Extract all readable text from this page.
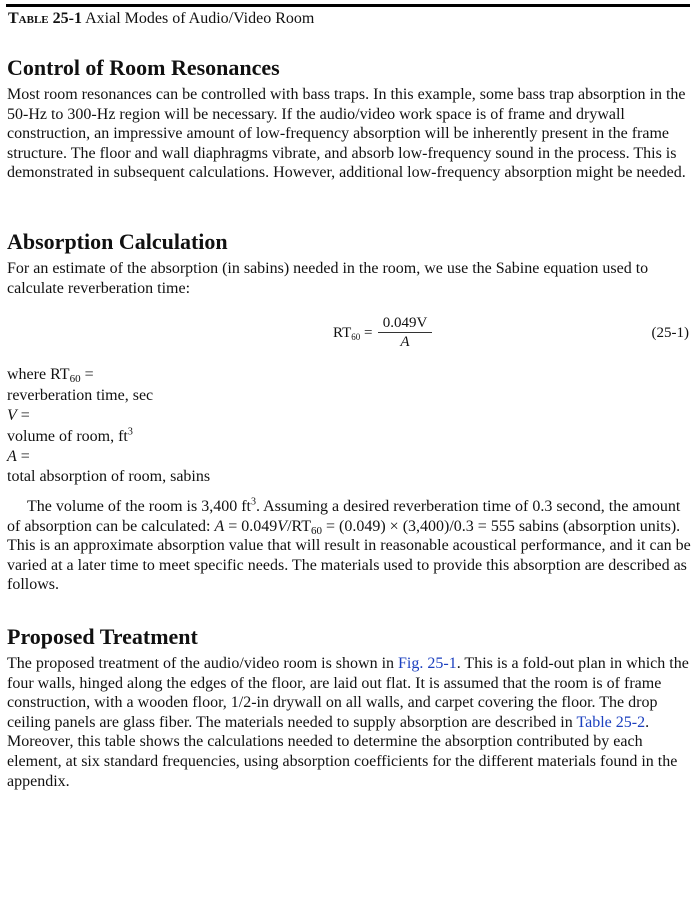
Table 25-1 Axial Modes of Audio/Video Room
Control of Room Resonances

Most room resonances can be controlled with bass traps. In this example, some bass trap absorption in the 50-Hz to 300-Hz region will be necessary. If the audio/video work space is of frame and drywall construction, an impressive amount of low-frequency absorption will be inherently present in the frame structure. The floor and wall diaphragms vibrate, and absorb low-frequency sound in the process. This is demonstrated in subsequent calculations. However, additional low-frequency absorption might be needed.

Absorption Calculation

For an estimate of the absorption (in sabins) needed in the room, we use the Sabine equation used to calculate reverberation time:

$RT_{60} = \frac{0.049V}{A}$	(25-1)
where $RT_{60}$ =
reverberation time, sec
V =
volume of room, $ft^3$
A =
total absorption of room, sabins

The volume of the room is 3,400 $ft^3$. Assuming a desired reverberation time of 0.3 second, the amount of absorption can be calculated: $A = 0.049V/RT_{60} = (0.049) \times (3,400)/0.3 = 555$ sabins (absorption units). This is an approximate absorption value that will result in reasonable acoustical performance, and it can be varied at a later time to meet specific needs. The materials used to provide this absorption are described as follows.

Proposed Treatment

The proposed treatment of the audio/video room is shown in Fig. 25-1. This is a fold-out plan in which the four walls, hinged along the edges of the floor, are laid out flat. It is assumed that the room is of frame construction, with a wooden floor, 1/2-in drywall on all walls, and carpet covering the floor. The drop ceiling panels are glass fiber. The materials needed to supply absorption are described in Table 25-2. Moreover, this table shows the calculations needed to determine the absorption contributed by each element, at six standard frequencies, using absorption coefficients for the different materials found in the appendix.
